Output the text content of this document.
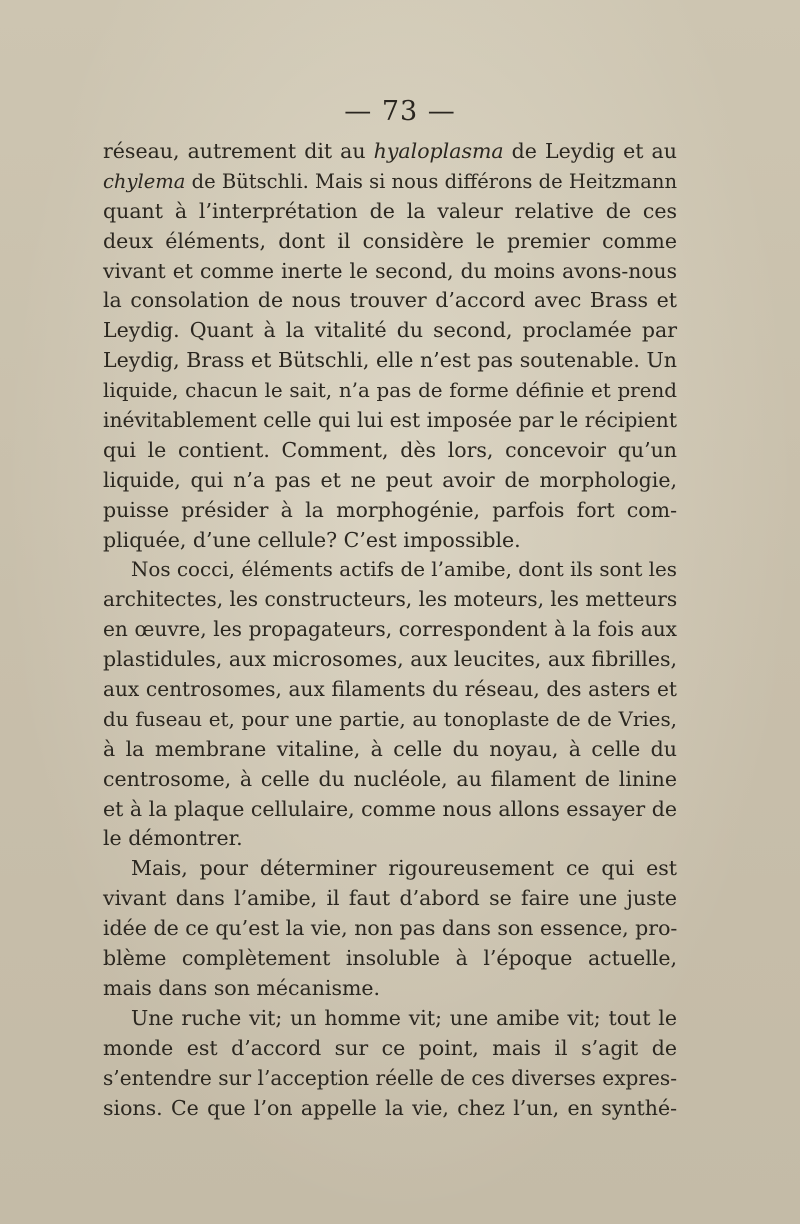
— 73 —
réseau, autrement dit au hyaloplasma de Leydig et au
chylema de Bütschli. Mais si nous différons de Heitzmann
quant à l’interprétation de la valeur relative de ces
deux éléments, dont il considère le premier comme
vivant et comme inerte le second, du moins avons-nous
la consolation de nous trouver d’accord avec Brass et
Leydig. Quant à la vitalité du second, proclamée par
Leydig, Brass et Bütschli, elle n’est pas soutenable. Un
liquide, chacun le sait, n’a pas de forme définie et prend
inévitablement celle qui lui est imposée par le récipient
qui le contient. Comment, dès lors, concevoir qu’un
liquide, qui n’a pas et ne peut avoir de morphologie,
puisse présider à la morphogénie, parfois fort com-
pliquée, d’une cellule? C’est impossible.
Nos cocci, éléments actifs de l’amibe, dont ils sont les
architectes, les constructeurs, les moteurs, les metteurs
en œuvre, les propagateurs, correspondent à la fois aux
plastidules, aux microsomes, aux leucites, aux fibrilles,
aux centrosomes, aux filaments du réseau, des asters et
du fuseau et, pour une partie, au tonoplaste de de Vries,
à la membrane vitaline, à celle du noyau, à celle du
centrosome, à celle du nucléole, au filament de linine
et à la plaque cellulaire, comme nous allons essayer de
le démontrer.
Mais, pour déterminer rigoureusement ce qui est
vivant dans l’amibe, il faut d’abord se faire une juste
idée de ce qu’est la vie, non pas dans son essence, pro-
blème complètement insoluble à l’époque actuelle,
mais dans son mécanisme.
Une ruche vit; un homme vit; une amibe vit; tout le
monde est d’accord sur ce point, mais il s’agit de
s’entendre sur l’acception réelle de ces diverses expres-
sions. Ce que l’on appelle la vie, chez l’un, en synthé-
